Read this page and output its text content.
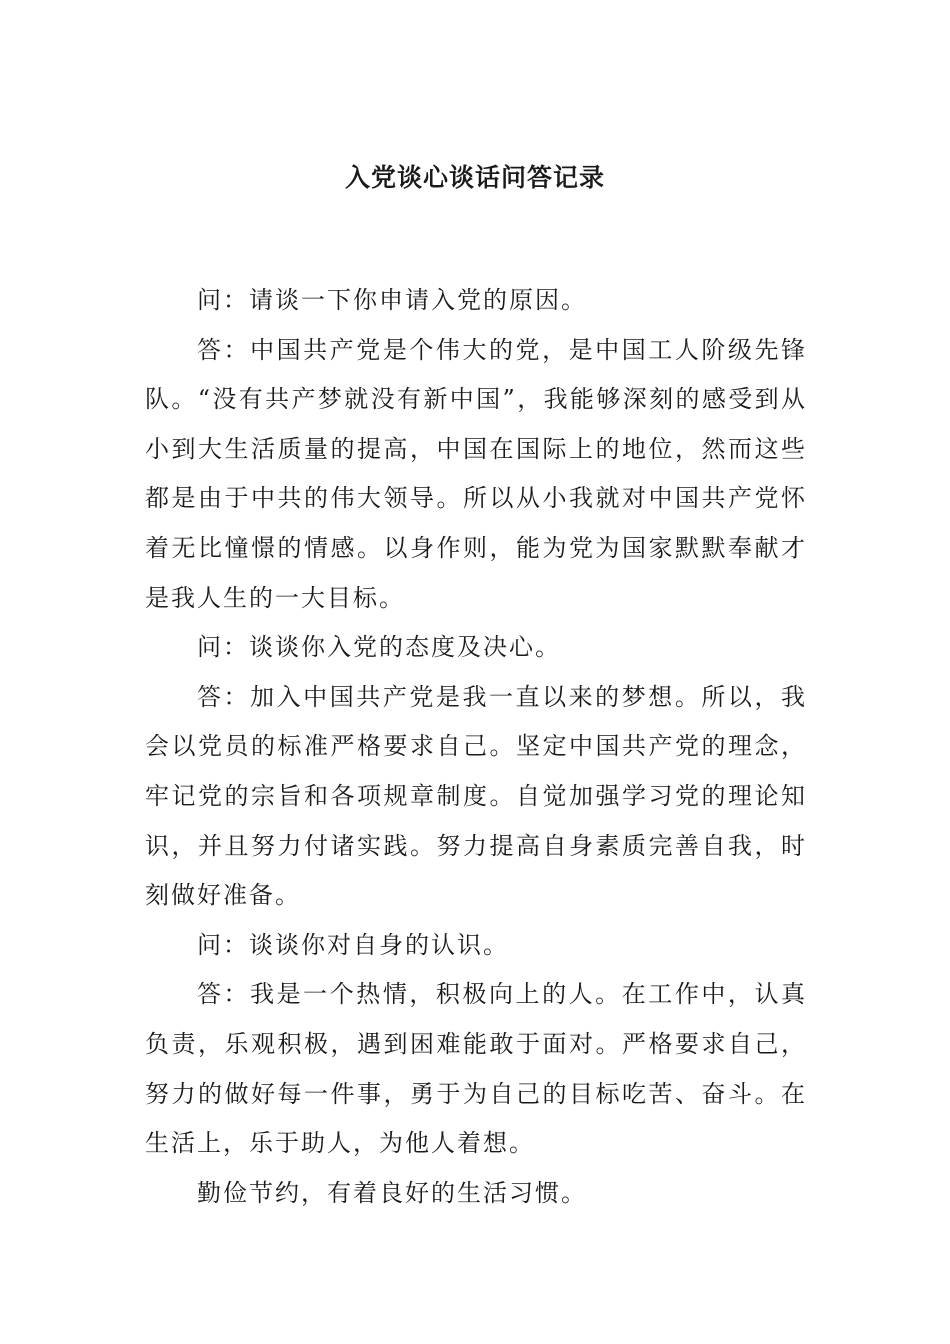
入党谈心谈话问答记录

问：请谈一下你申请入党的原因。

答：中国共产党是个伟大的党，是中国工人阶级先锋队。“没有共产梦就没有新中国”，我能够深刻的感受到从小到大生活质量的提高，中国在国际上的地位，然而这些都是由于中共的伟大领导。所以从小我就对中国共产党怀着无比憧憬的情感。以身作则，能为党为国家默默奉献才是我人生的一大目标。

问：谈谈你入党的态度及决心。

答：加入中国共产党是我一直以来的梦想。所以，我会以党员的标准严格要求自己。坚定中国共产党的理念，牢记党的宗旨和各项规章制度。自觉加强学习党的理论知识，并且努力付诸实践。努力提高自身素质完善自我，时刻做好准备。

问：谈谈你对自身的认识。

答：我是一个热情，积极向上的人。在工作中，认真负责，乐观积极，遇到困难能敢于面对。严格要求自己，努力的做好每一件事，勇于为自己的目标吃苦、奋斗。在生活上，乐于助人，为他人着想。

勤俭节约，有着良好的生活习惯。
